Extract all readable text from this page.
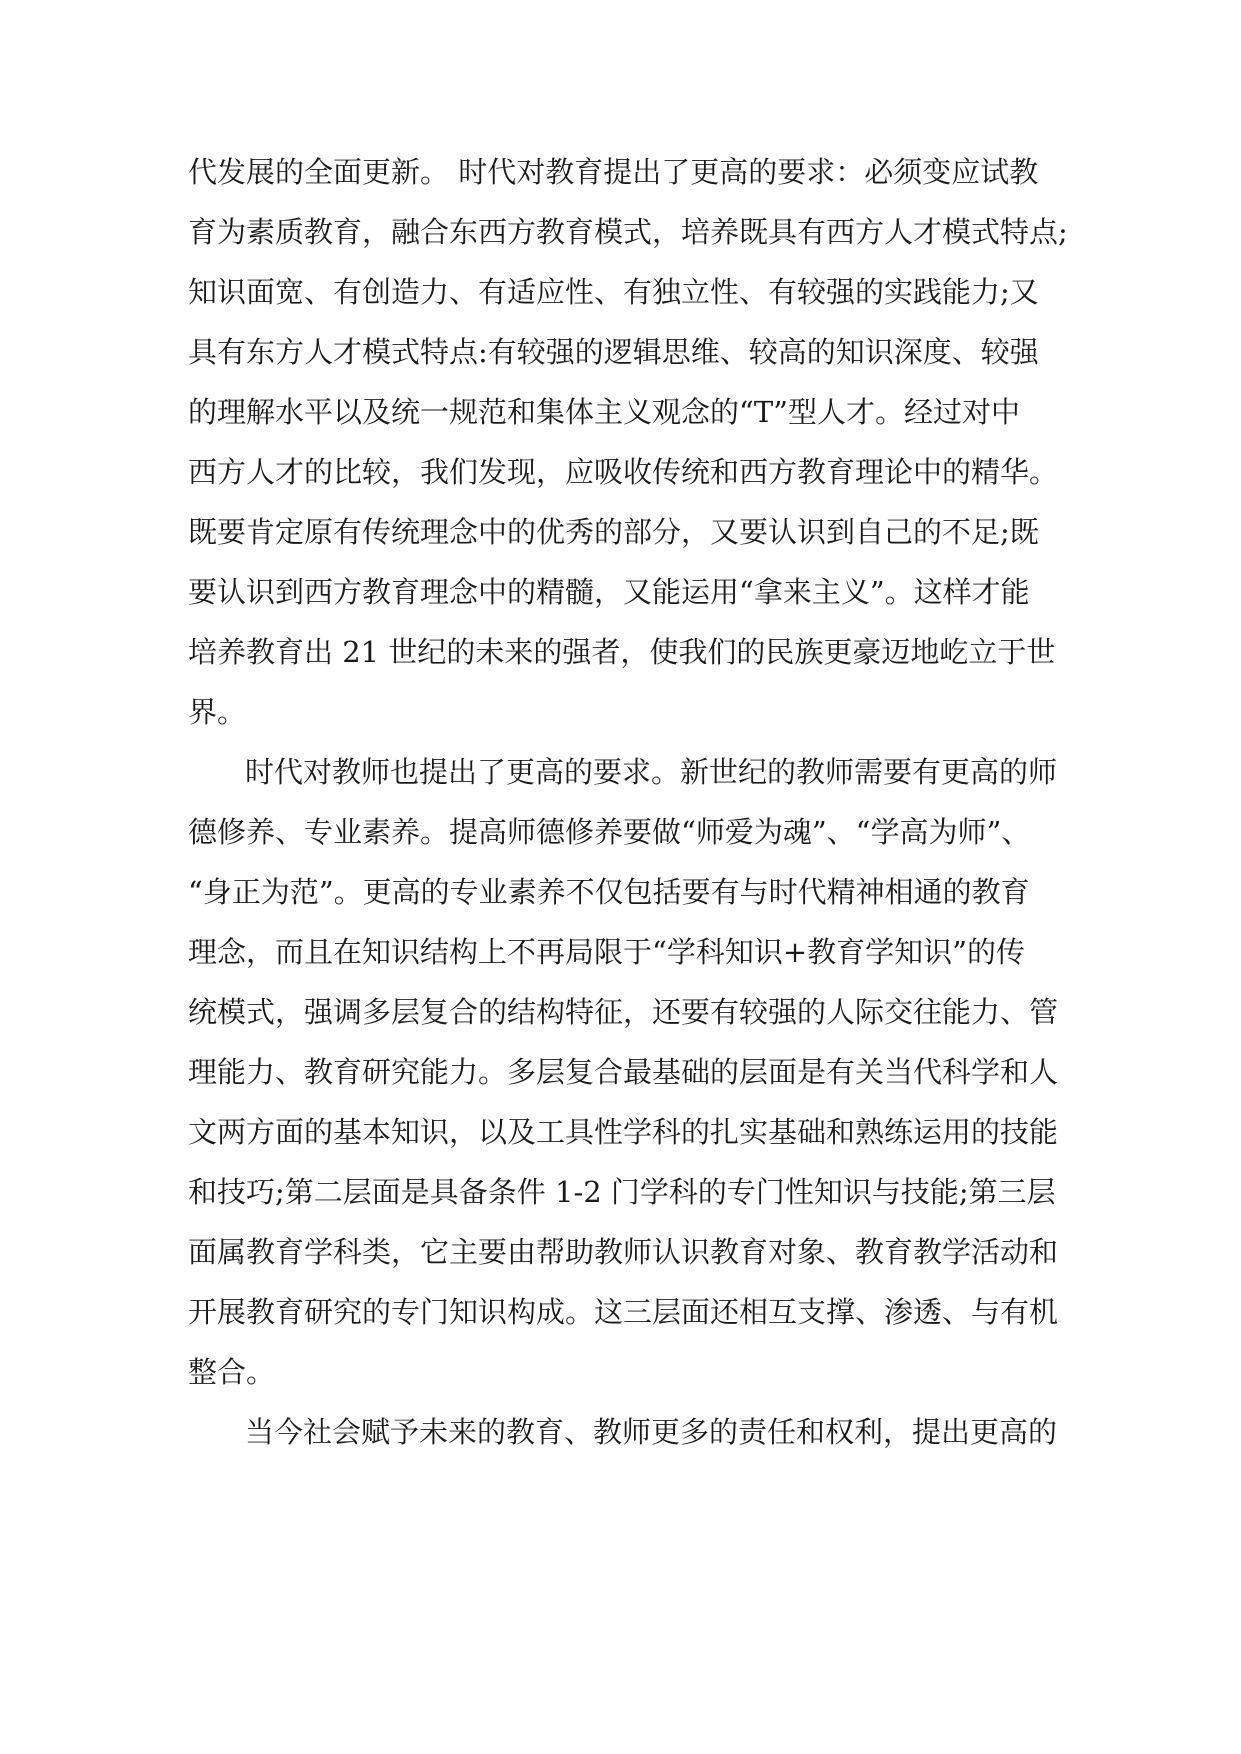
代发展的全面更新。 时代对教育提出了更高的要求：必须变应试教

育为素质教育，融合东西方教育模式，培养既具有西方人才模式特点;

知识面宽、有创造力、有适应性、有独立性、有较强的实践能力;又

具有东方人才模式特点:有较强的逻辑思维、较高的知识深度、较强

的理解水平以及统一规范和集体主义观念的“T”型人才。经过对中

西方人才的比较，我们发现，应吸收传统和西方教育理论中的精华。

既要肯定原有传统理念中的优秀的部分，又要认识到自己的不足;既

要认识到西方教育理念中的精髓，又能运用“拿来主义”。这样才能

培养教育出 21 世纪的未来的强者，使我们的民族更豪迈地屹立于世

界。

时代对教师也提出了更高的要求。新世纪的教师需要有更高的师

德修养、专业素养。提高师德修养要做“师爱为魂”、“学高为师”、

“身正为范”。更高的专业素养不仅包括要有与时代精神相通的教育

理念，而且在知识结构上不再局限于“学科知识+教育学知识”的传

统模式，强调多层复合的结构特征，还要有较强的人际交往能力、管

理能力、教育研究能力。多层复合最基础的层面是有关当代科学和人

文两方面的基本知识，以及工具性学科的扎实基础和熟练运用的技能

和技巧;第二层面是具备条件 1-2 门学科的专门性知识与技能;第三层

面属教育学科类，它主要由帮助教师认识教育对象、教育教学活动和

开展教育研究的专门知识构成。这三层面还相互支撑、渗透、与有机

整合。

当今社会赋予未来的教育、教师更多的责任和权利，提出更高的
